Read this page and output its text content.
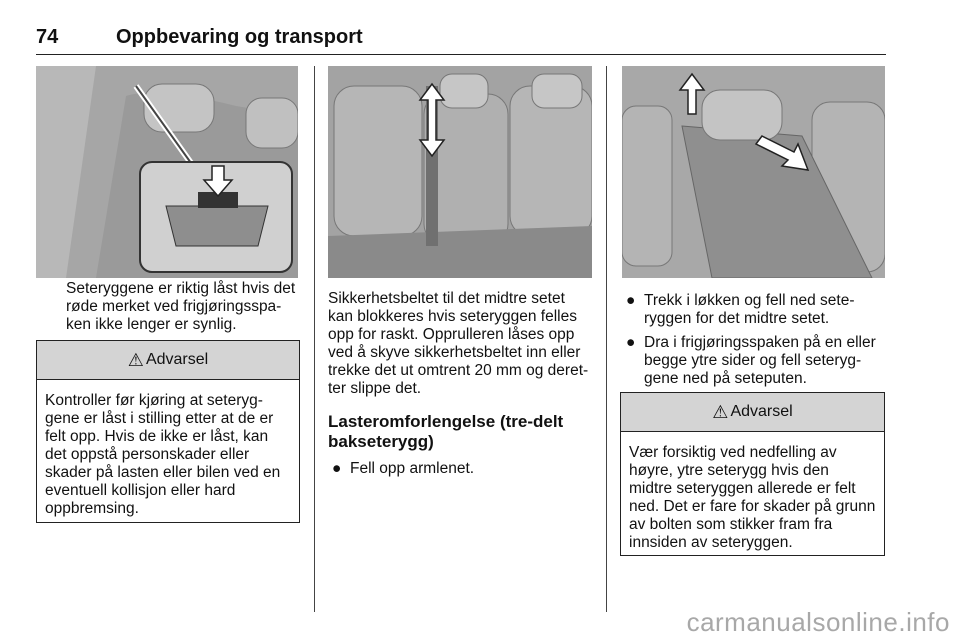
74	Oppbevaring og transport
Seteryggene er riktig låst hvis det røde merket ved frigjøringsspa-ken ikke lenger er synlig.
⚠ Advarsel
Kontroller før kjøring at seteryg-gene er låst i stilling etter at de er felt opp. Hvis de ikke er låst, kan det oppstå personskader eller skader på lasten eller bilen ved en eventuell kollisjon eller hard oppbremsing.
Sikkerhetsbeltet til det midtre setet kan blokkeres hvis seteryggen felles opp for raskt. Opprulleren låses opp ved å skyve sikkerhetsbeltet inn eller trekke det ut omtrent 20 mm og deret-ter slippe det.
Lasteromforlengelse (tre-delt bakseterygg)
● Fell opp armlenet.
● Trekk i løkken og fell ned sete-ryggen for det midtre setet.
● Dra i frigjøringsspaken på en eller begge ytre sider og fell seteryg-gene ned på seteputen.
⚠ Advarsel
Vær forsiktig ved nedfelling av høyre, ytre seterygg hvis den midtre seteryggen allerede er felt ned. Det er fare for skader på grunn av bolten som stikker fram fra innsiden av seteryggen.
carmanualsonline.info
